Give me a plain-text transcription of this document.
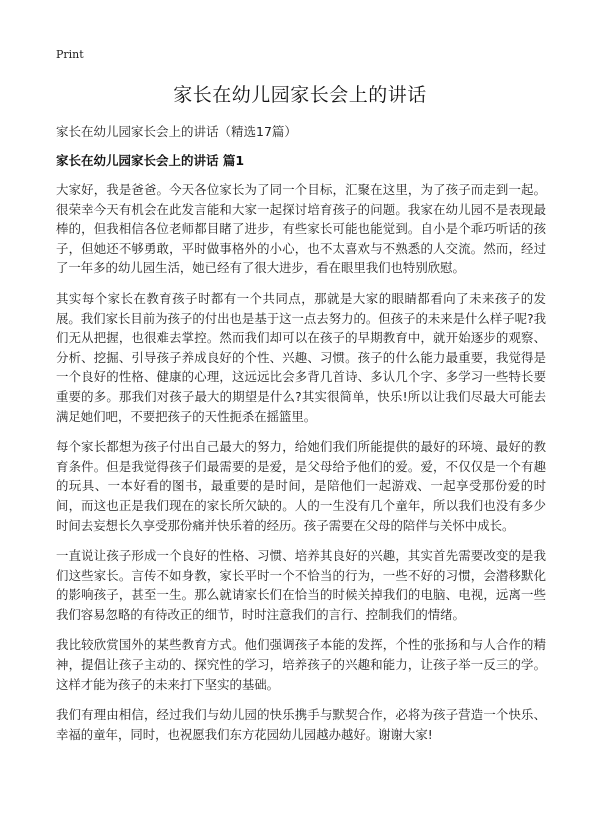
Print
家长在幼儿园家长会上的讲话
家长在幼儿园家长会上的讲话（精选17篇）
家长在幼儿园家长会上的讲话 篇1

大家好，我是爸爸。今天各位家长为了同一个目标，汇聚在这里，为了孩子而走到一起。很荣幸今天有机会在此发言能和大家一起探讨培育孩子的问题。我家在幼儿园不是表现最棒的，但我相信各位老师都目睹了进步，有些家长可能也能觉到。自小是个乖巧听话的孩子，但她还不够勇敢，平时做事格外的小心，也不太喜欢与不熟悉的人交流。然而，经过了一年多的幼儿园生活，她已经有了很大进步，看在眼里我们也特别欣慰。

其实每个家长在教育孩子时都有一个共同点，那就是大家的眼睛都看向了未来孩子的发展。我们家长目前为孩子的付出也是基于这一点去努力的。但孩子的未来是什么样子呢?我们无从把握，也很难去掌控。然而我们却可以在孩子的早期教育中，就开始逐步的观察、分析、挖掘、引导孩子养成良好的个性、兴趣、习惯。孩子的什么能力最重要，我觉得是一个良好的性格、健康的心理，这远远比会多背几首诗、多认几个字、多学习一些特长要重要的多。那我们对孩子最大的期望是什么?其实很简单，快乐!所以让我们尽最大可能去满足她们吧，不要把孩子的天性扼杀在摇篮里。

每个家长都想为孩子付出自己最大的努力，给她们我们所能提供的最好的环境、最好的教育条件。但是我觉得孩子们最需要的是爱，是父母给予他们的爱。爱，不仅仅是一个有趣的玩具、一本好看的图书，最重要的是时间，是陪他们一起游戏、一起享受那份爱的时间，而这也正是我们现在的家长所欠缺的。人的一生没有几个童年，所以我们也没有多少时间去妄想长久享受那份痛并快乐着的经历。孩子需要在父母的陪伴与关怀中成长。

一直说让孩子形成一个良好的性格、习惯、培养其良好的兴趣，其实首先需要改变的是我们这些家长。言传不如身教，家长平时一个不恰当的行为，一些不好的习惯，会潜移默化的影响孩子，甚至一生。那么就请家长们在恰当的时候关掉我们的电脑、电视，远离一些我们容易忽略的有待改正的细节，时时注意我们的言行、控制我们的情绪。

我比较欣赏国外的某些教育方式。他们强调孩子本能的发挥，个性的张扬和与人合作的精神，提倡让孩子主动的、探究性的学习，培养孩子的兴趣和能力，让孩子举一反三的学。这样才能为孩子的未来打下坚实的基础。

我们有理由相信，经过我们与幼儿园的快乐携手与默契合作，必将为孩子营造一个快乐、幸福的童年，同时，也祝愿我们东方花园幼儿园越办越好。谢谢大家!
